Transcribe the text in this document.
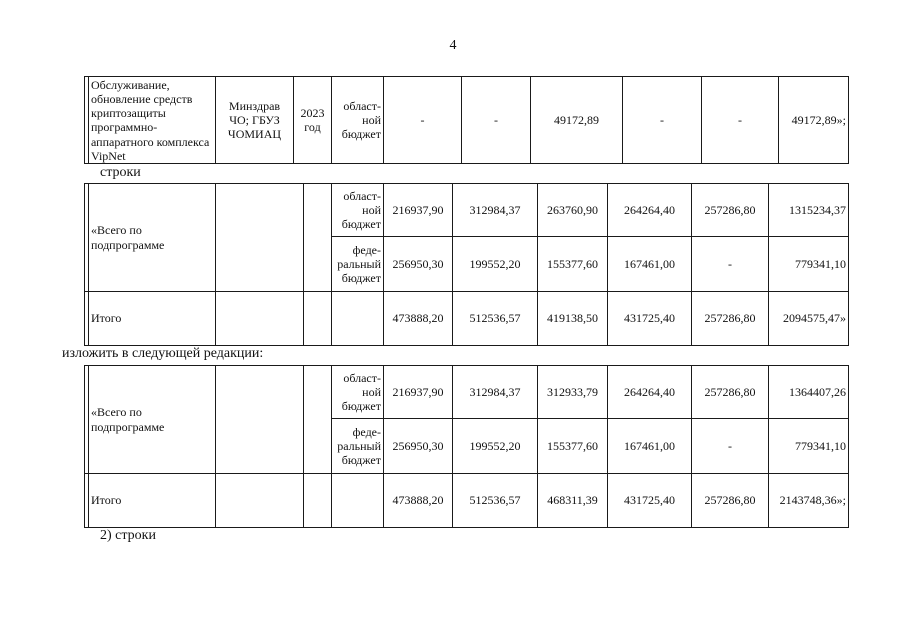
4
	Обслуживание, обновление средств криптозащиты программно-аппаратного комплекса VipNet	Минздрав ЧО; ГБУЗ ЧОМИАЦ	2023 год	област-ной бюджет	-	-	49172,89	-	-	49172,89»;
строки
	«Всего по подпрограмме			област-ной бюджет	216937,90	312984,37	263760,90	264264,40	257286,80	1315234,37
				феде-ральный бюджет	256950,30	199552,20	155377,60	167461,00	-	779341,10
	Итого				473888,20	512536,57	419138,50	431725,40	257286,80	2094575,47»
изложить в следующей редакции:
	«Всего по подпрограмме			област-ной бюджет	216937,90	312984,37	312933,79	264264,40	257286,80	1364407,26
				феде-ральный бюджет	256950,30	199552,20	155377,60	167461,00	-	779341,10
	Итого				473888,20	512536,57	468311,39	431725,40	257286,80	2143748,36»;
2) строки
